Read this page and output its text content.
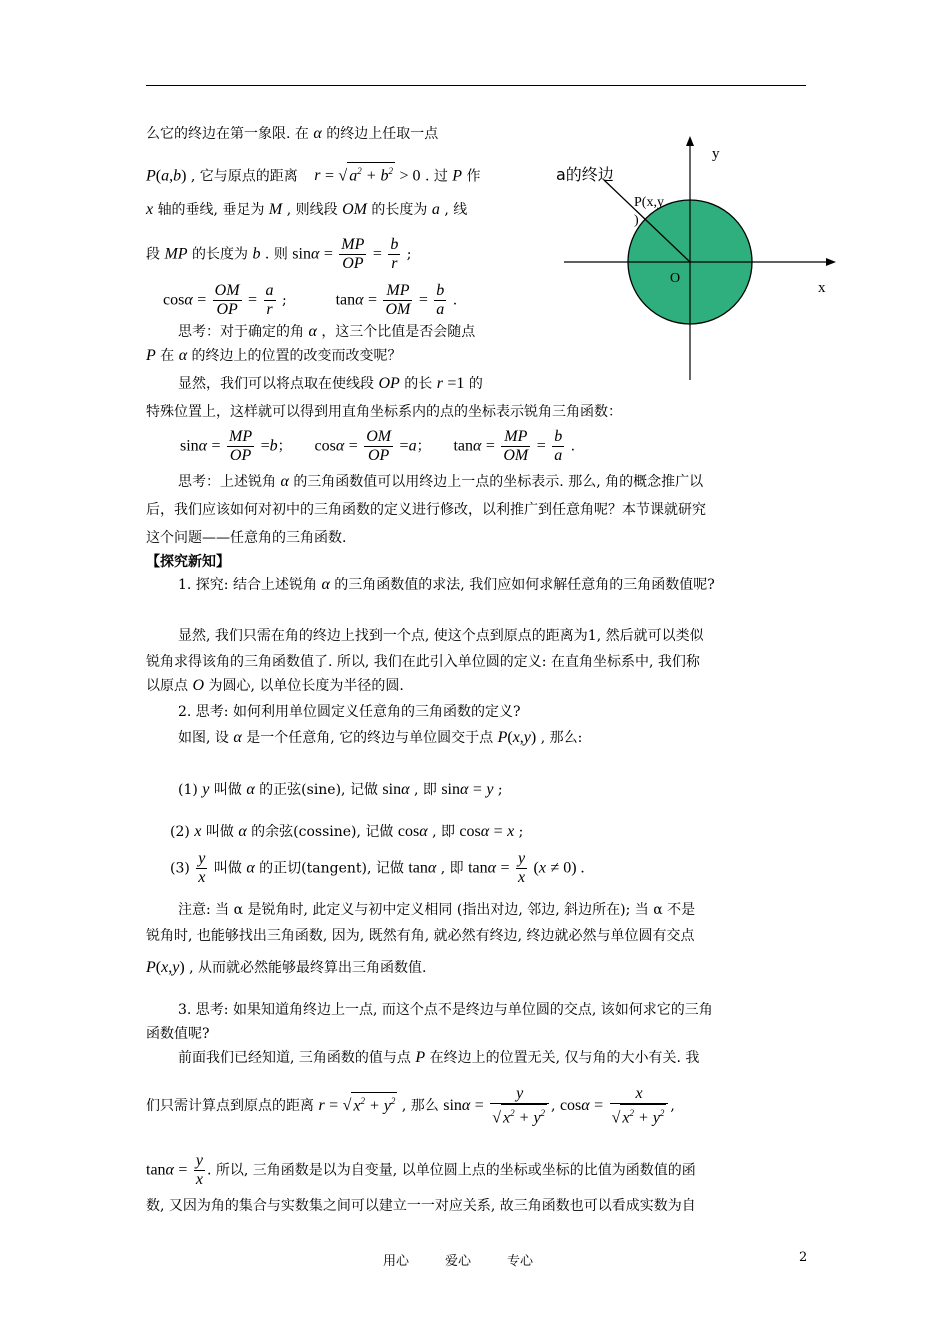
么它的终边在第一象限. 在 α 的终边上任取一点
P(a,b) , 它与原点的距离 r = √ $a^2 + b^2 > 0$ . 过 P 作
x 轴的垂线, 垂足为 M , 则线段 OM 的长度为 a , 线
段 MP 的长度为 b . 则 $\sin\alpha = \frac{MP}{OP} = \frac{b}{r}$ ;
$\cos\alpha = \frac{OM}{OP} = \frac{a}{r}$ ;	$\tan\alpha = \frac{MP}{OM} = \frac{b}{a}$ .
思考：对于确定的角 α ，这三个比值是否会随点
P 在 α 的终边上的位置的改变而改变呢？
显然，我们可以将点取在使线段 OP 的长 r =1 的
特殊位置上，这样就可以得到用直角坐标系内的点的坐标表示锐角三角函数：
$\sin\alpha = \frac{MP}{OP} =b$；  $\cos\alpha = \frac{OM}{OP} =a$；  $\tan\alpha = \frac{MP}{OM} = \frac{b}{a}$ .
思考：上述锐角 α 的三角函数值可以用终边上一点的坐标表示. 那么, 角的概念推广以
后，我们应该如何对初中的三角函数的定义进行修改，以利推广到任意角呢？本节课就研究
这个问题——任意角的三角函数.
【探究新知】
1. 探究: 结合上述锐角 α 的三角函数值的求法, 我们应如何求解任意角的三角函数值呢?
显然, 我们只需在角的终边上找到一个点, 使这个点到原点的距离为1, 然后就可以类似
锐角求得该角的三角函数值了. 所以, 我们在此引入单位圆的定义: 在直角坐标系中, 我们称
以原点 O 为圆心, 以单位长度为半径的圆.
2. 思考: 如何利用单位圆定义任意角的三角函数的定义?
如图, 设 α 是一个任意角, 它的终边与单位圆交于点 P(x,y) , 那么:
(1) y 叫做 α 的正弦(sine), 记做 sinα , 即 sinα = y ;
(2) x 叫做 α 的余弦(cossine), 记做 cosα , 即 cosα = x ;
$(3) \frac{y}{x}$ 叫做 α 的正切(tangent), 记做 tanα , 即 $\tan\alpha = \frac{y}{x} (x \ne 0)$ .
注意: 当 α 是锐角时, 此定义与初中定义相同 (指出对边, 邻边, 斜边所在); 当 α 不是
锐角时, 也能够找出三角函数, 因为, 既然有角, 就必然有终边, 终边就必然与单位圆有交点
P(x,y) , 从而就必然能够最终算出三角函数值.
3. 思考: 如果知道角终边上一点, 而这个点不是终边与单位圆的交点, 该如何求它的三角
函数值呢?
前面我们已经知道, 三角函数的值与点 P 在终边上的位置无关, 仅与角的大小有关. 我
们只需计算点到原点的距离 r = √ $x^2 + y^2$ , 那么 $\sin\alpha = \frac{y}{√ x^2 + y^2}$ , $\cos\alpha = \frac{x}{√ x^2 + y^2}$ ,
$\tan\alpha = \frac{y}{x}$ . 所以, 三角函数是以为自变量, 以单位圆上点的坐标或坐标的比值为函数值的函
数, 又因为角的集合与实数集之间可以建立一一对应关系, 故三角函数也可以看成实数为自
y
x
O
P(x,y
)
a的终边
用心	爱心	专心	2
